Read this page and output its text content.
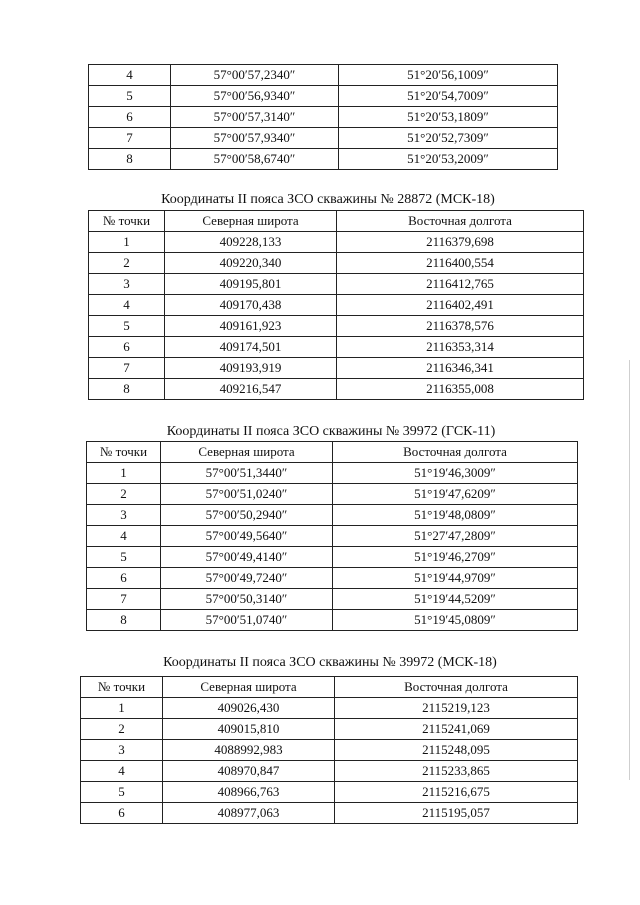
4	57°00′57,2340″	51°20′56,1009″
5	57°00′56,9340″	51°20′54,7009″
6	57°00′57,3140″	51°20′53,1809″
7	57°00′57,9340″	51°20′52,7309″
8	57°00′58,6740″	51°20′53,2009″
Координаты II пояса ЗСО скважины № 28872 (МСК-18)
№ точки	Северная широта	Восточная долгота
1	409228,133	2116379,698
2	409220,340	2116400,554
3	409195,801	2116412,765
4	409170,438	2116402,491
5	409161,923	2116378,576
6	409174,501	2116353,314
7	409193,919	2116346,341
8	409216,547	2116355,008
Координаты II пояса ЗСО скважины № 39972 (ГСК-11)
№ точки	Северная широта	Восточная долгота
1	57°00′51,3440″	51°19′46,3009″
2	57°00′51,0240″	51°19′47,6209″
3	57°00′50,2940″	51°19′48,0809″
4	57°00′49,5640″	51°27′47,2809″
5	57°00′49,4140″	51°19′46,2709″
6	57°00′49,7240″	51°19′44,9709″
7	57°00′50,3140″	51°19′44,5209″
8	57°00′51,0740″	51°19′45,0809″
Координаты II пояса ЗСО скважины № 39972 (МСК-18)
№ точки	Северная широта	Восточная долгота
1	409026,430	2115219,123
2	409015,810	2115241,069
3	4088992,983	2115248,095
4	408970,847	2115233,865
5	408966,763	2115216,675
6	408977,063	2115195,057
